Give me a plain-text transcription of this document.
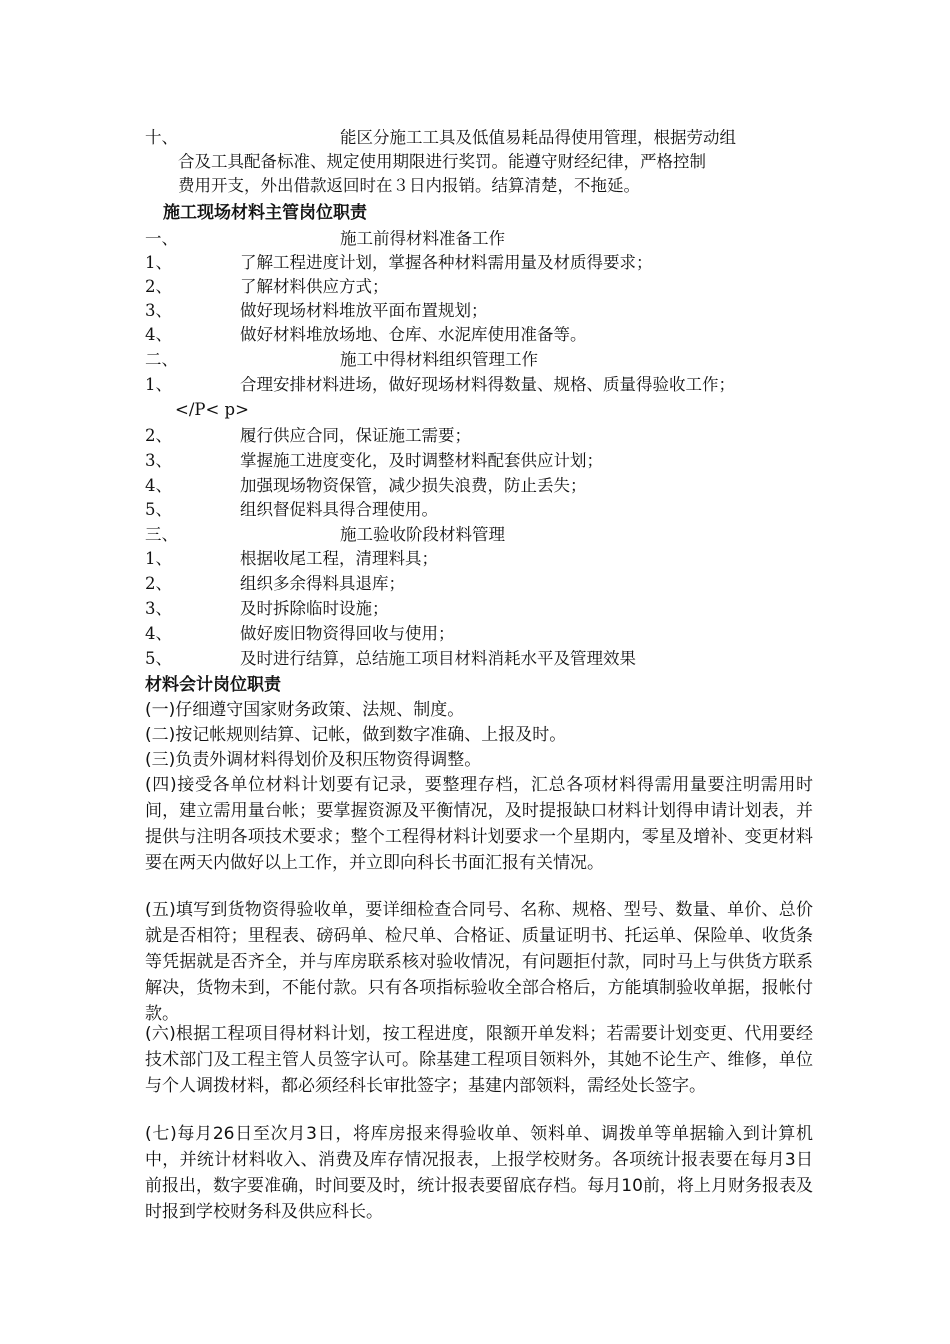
十、	能区分施工工具及低值易耗品得使用管理，根据劳动组
合及工具配备标准、规定使用期限进行奖罚。能遵守财经纪律，严格控制
费用开支，外出借款返回时在３日内报销。结算清楚，不拖延。
施工现场材料主管岗位职责
一、	施工前得材料准备工作
1、	了解工程进度计划，掌握各种材料需用量及材质得要求；
2、	了解材料供应方式；
3、	做好现场材料堆放平面布置规划；
4、	做好材料堆放场地、仓库、水泥库使用准备等。
二、	施工中得材料组织管理工作
1、	合理安排材料进场，做好现场材料得数量、规格、质量得验收工作；
</P< p>
2、	履行供应合同，保证施工需要；
3、	掌握施工进度变化，及时调整材料配套供应计划；
4、	加强现场物资保管，减少损失浪费，防止丢失；
5、	组织督促料具得合理使用。
三、	施工验收阶段材料管理
1、	根据收尾工程，清理料具；
2、	组织多余得料具退库；
3、	及时拆除临时设施；
4、	做好废旧物资得回收与使用；
5、	及时进行结算，总结施工项目材料消耗水平及管理效果
材料会计岗位职责
(一)仔细遵守国家财务政策、法规、制度。
(二)按记帐规则结算、记帐，做到数字准确、上报及时。
(三)负责外调材料得划价及积压物资得调整。
(四)接受各单位材料计划要有记录，要整理存档，汇总各项材料得需用量要注明需用时间，建立需用量台帐；要掌握资源及平衡情况，及时提报缺口材料计划得申请计划表，并提供与注明各项技术要求；整个工程得材料计划要求一个星期内，零星及增补、变更材料要在两天内做好以上工作，并立即向科长书面汇报有关情况。
(五)填写到货物资得验收单，要详细检查合同号、名称、规格、型号、数量、单价、总价就是否相符；里程表、磅码单、检尺单、合格证、质量证明书、托运单、保险单、收货条等凭据就是否齐全，并与库房联系核对验收情况，有问题拒付款，同时马上与供货方联系解决，货物未到，不能付款。只有各项指标验收全部合格后，方能填制验收单据，报帐付款。
(六)根据工程项目得材料计划，按工程进度，限额开单发料；若需要计划变更、代用要经技术部门及工程主管人员签字认可。除基建工程项目领料外，其她不论生产、维修，单位与个人调拨材料，都必须经科长审批签字；基建内部领料，需经处长签字。
(七)每月26日至次月3日，将库房报来得验收单、领料单、调拨单等单据输入到计算机中，并统计材料收入、消费及库存情况报表，上报学校财务。各项统计报表要在每月3日前报出，数字要准确，时间要及时，统计报表要留底存档。每月10前，将上月财务报表及时报到学校财务科及供应科长。
